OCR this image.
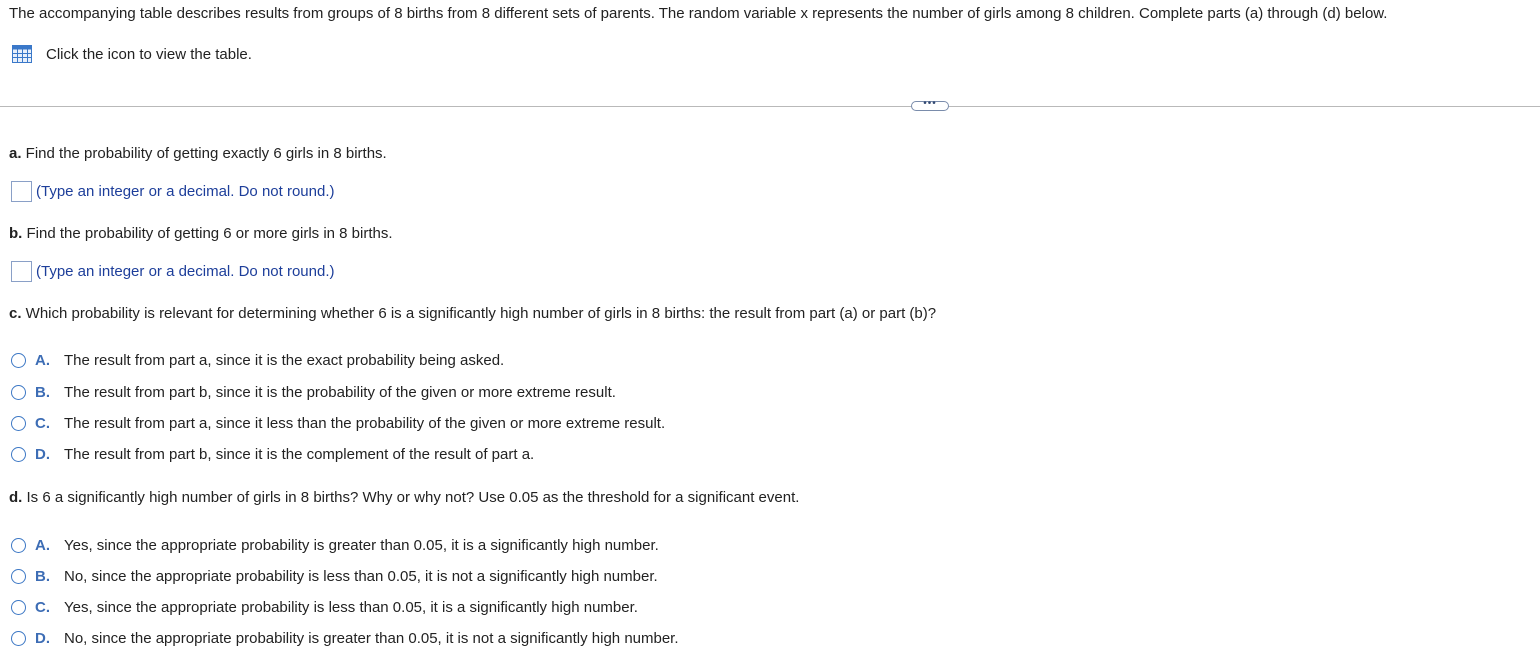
The accompanying table describes results from groups of 8 births from 8 different sets of parents. The random variable x represents the number of girls among 8 children. Complete parts (a) through (d) below.
Click the icon to view the table.
•••
a. Find the probability of getting exactly 6 girls in 8 births.
(Type an integer or a decimal. Do not round.)
b. Find the probability of getting 6 or more girls in 8 births.
(Type an integer or a decimal. Do not round.)
c. Which probability is relevant for determining whether 6 is a significantly high number of girls in 8 births: the result from part (a) or part (b)?
A. The result from part a, since it is the exact probability being asked.
B. The result from part b, since it is the probability of the given or more extreme result.
C. The result from part a, since it less than the probability of the given or more extreme result.
D. The result from part b, since it is the complement of the result of part a.
d. Is 6 a significantly high number of girls in 8 births? Why or why not? Use 0.05 as the threshold for a significant event.
A. Yes, since the appropriate probability is greater than 0.05, it is a significantly high number.
B. No, since the appropriate probability is less than 0.05, it is not a significantly high number.
C. Yes, since the appropriate probability is less than 0.05, it is a significantly high number.
D. No, since the appropriate probability is greater than 0.05, it is not a significantly high number.
